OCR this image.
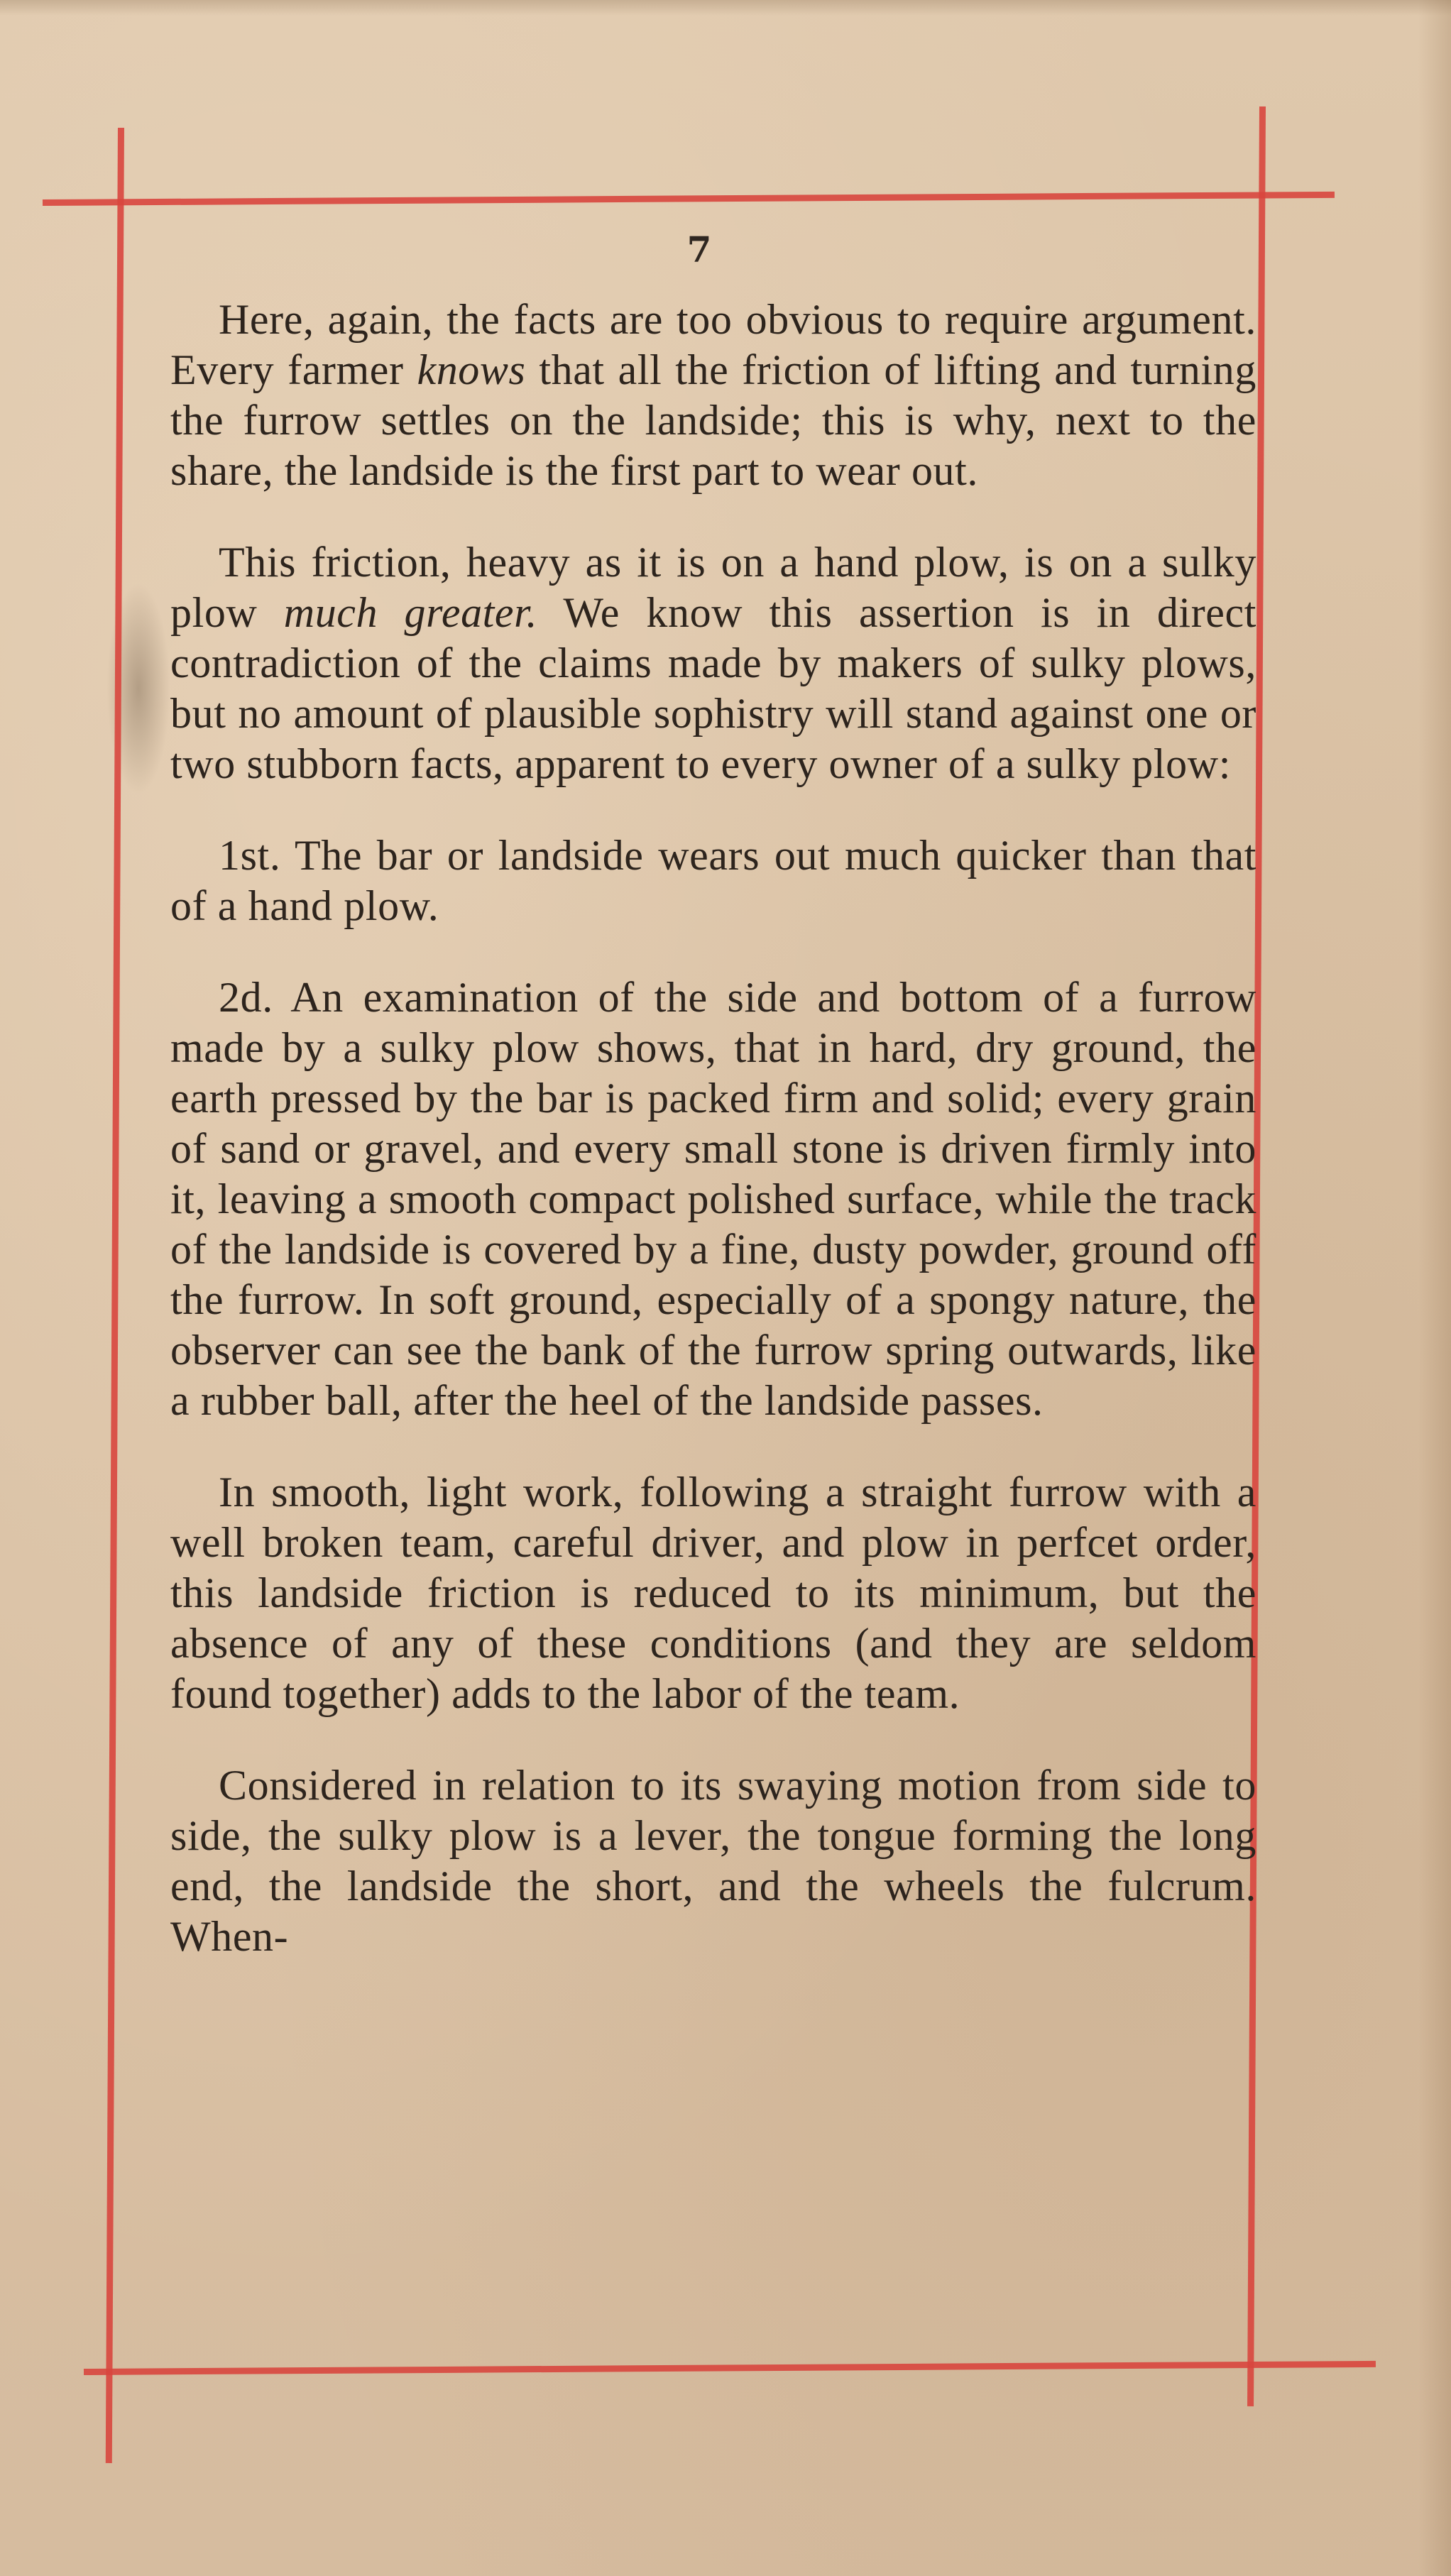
7

Here, again, the facts are too obvious to require argument. Every farmer knows that all the friction of lifting and turning the furrow settles on the landside; this is why, next to the share, the landside is the first part to wear out.

This friction, heavy as it is on a hand plow, is on a sulky plow much greater. We know this assertion is in direct contradiction of the claims made by makers of sulky plows, but no amount of plausible sophistry will stand against one or two stubborn facts, apparent to every owner of a sulky plow:

1st. The bar or landside wears out much quicker than that of a hand plow.

2d. An examination of the side and bottom of a furrow made by a sulky plow shows, that in hard, dry ground, the earth pressed by the bar is packed firm and solid; every grain of sand or gravel, and every small stone is driven firmly into it, leaving a smooth compact polished surface, while the track of the landside is covered by a fine, dusty powder, ground off the furrow. In soft ground, especially of a spongy nature, the observer can see the bank of the furrow spring outwards, like a rubber ball, after the heel of the landside passes.

In smooth, light work, following a straight furrow with a well broken team, careful driver, and plow in perfcet order, this landside friction is reduced to its minimum, but the absence of any of these conditions (and they are seldom found together) adds to the labor of the team.

Considered in relation to its swaying motion from side to side, the sulky plow is a lever, the tongue forming the long end, the landside the short, and the wheels the fulcrum. When-
